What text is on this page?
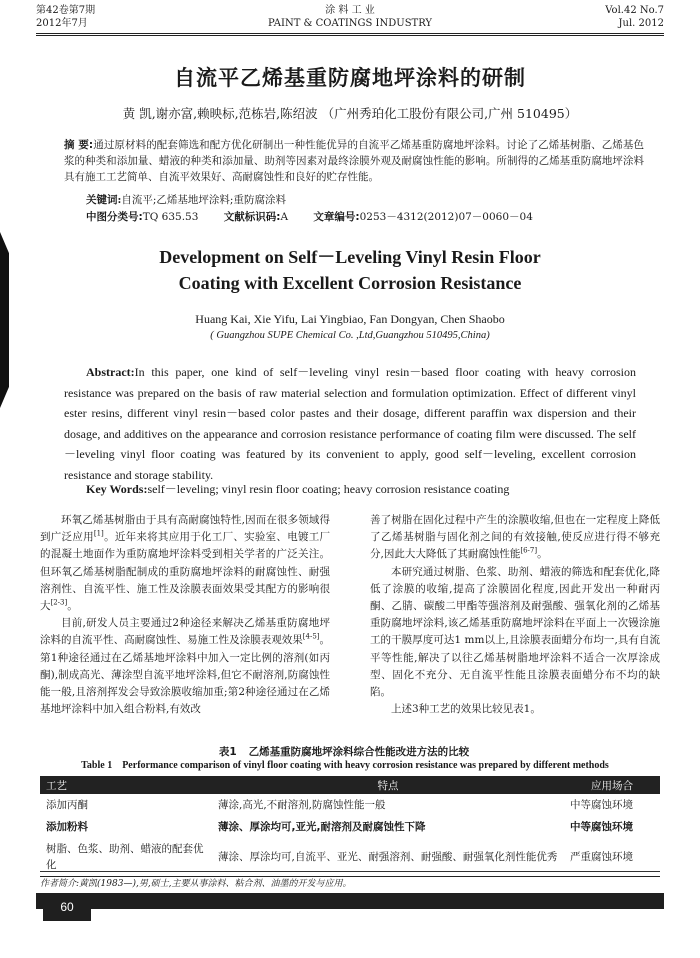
第42卷第7期
2012年7月
涂 料 工 业
PAINT & COATINGS INDUSTRY
Vol.42 No.7
Jul. 2012
自流平乙烯基重防腐地坪涂料的研制
黄 凯,谢亦富,赖映标,范栋岩,陈绍波 （广州秀珀化工股份有限公司,广州 510495）
摘 要:通过原材料的配套筛选和配方优化研制出一种性能优异的自流平乙烯基重防腐地坪涂料。讨论了乙烯基树脂、乙烯基色浆的种类和添加量、蜡液的种类和添加量、助剂等因素对最终涂膜外观及耐腐蚀性能的影响。所制得的乙烯基重防腐地坪涂料具有施工工艺简单、自流平效果好、高耐腐蚀性和良好的贮存性能。
关键词:自流平;乙烯基地坪涂料;重防腐涂料
中图分类号:TQ 635.53 文献标识码:A 文章编号:0253－4312(2012)07－0060－04
Development on Self－Leveling Vinyl Resin Floor
Coating with Excellent Corrosion Resistance
Huang Kai, Xie Yifu, Lai Yingbiao, Fan Dongyan, Chen Shaobo
( Guangzhou SUPE Chemical Co. ,Ltd,Guangzhou 510495,China)
Abstract:In this paper, one kind of self－leveling vinyl resin－based floor coating with heavy corrosion resistance was prepared on the basis of raw material selection and formulation optimization. Effect of different vinyl ester resins, different vinyl resin－based color pastes and their dosage, different paraffin wax dispersion and their dosage, and additives on the appearance and corrosion resistance performance of coating film were discussed. The self－leveling vinyl floor coating was featured by its convenient to apply, good self－leveling, excellent corrosion resistance and storage stability.
Key Words:self－leveling; vinyl resin floor coating; heavy corrosion resistance coating

环氧乙烯基树脂由于具有高耐腐蚀特性,因而在很多领域得到广泛应用[1]。近年来将其应用于化工厂、实验室、电镀工厂的混凝土地面作为重防腐地坪涂料受到相关学者的广泛关注。但环氧乙烯基树脂配制成的重防腐地坪涂料的耐腐蚀性、耐强溶剂性、自流平性、施工性及涂膜表面效果受其配方的影响很大[2-3]。

目前,研发人员主要通过2种途径来解决乙烯基重防腐地坪涂料的自流平性、高耐腐蚀性、易施工性及涂膜表观效果[4-5]。第1种途径通过在乙烯基地坪涂料中加入一定比例的溶剂(如丙酮),制成高光、薄涂型自流平地坪涂料,但它不耐溶剂,防腐蚀性能一般,且溶剂挥发会导致涂膜收缩加重;第2种途径通过在乙烯基地坪涂料中加入组合粉料,有效改

善了树脂在固化过程中产生的涂膜收缩,但也在一定程度上降低了乙烯基树脂与固化剂之间的有效接触,使反应进行得不够充分,因此大大降低了其耐腐蚀性能[6-7]。

本研究通过树脂、色浆、助剂、蜡液的筛选和配套优化,降低了涂膜的收缩,提高了涂膜固化程度,因此开发出一种耐丙酮、乙腈、碳酸二甲酯等强溶剂及耐强酸、强氧化剂的乙烯基重防腐地坪涂料,该乙烯基重防腐地坪涂料在平面上一次镘涂施工的干膜厚度可达1 mm以上,且涂膜表面蜡分布均一,具有自流平等性能,解决了以往乙烯基树脂地坪涂料不适合一次厚涂成型、固化不充分、无自流平性能且涂膜表面蜡分布不均的缺陷。

上述3种工艺的效果比较见表1。

表1 乙烯基重防腐地坪涂料综合性能改进方法的比较
Table 1 Performance comparison of vinyl floor coating with heavy corrosion resistance was prepared by different methods
工艺	特点	应用场合
添加丙酮	薄涂,高光,不耐溶剂,防腐蚀性能一般	中等腐蚀环境
添加粉料	薄涂、厚涂均可,亚光,耐溶剂及耐腐蚀性下降	中等腐蚀环境
树脂、色浆、助剂、蜡液的配套优化	薄涂、厚涂均可,自流平、亚光、耐强溶剂、耐强酸、耐强氧化剂性能优秀	严重腐蚀环境
作者简介:黄凯(1983—),男,硕士,主要从事涂料、粘合剂、油墨的开发与应用。
60
